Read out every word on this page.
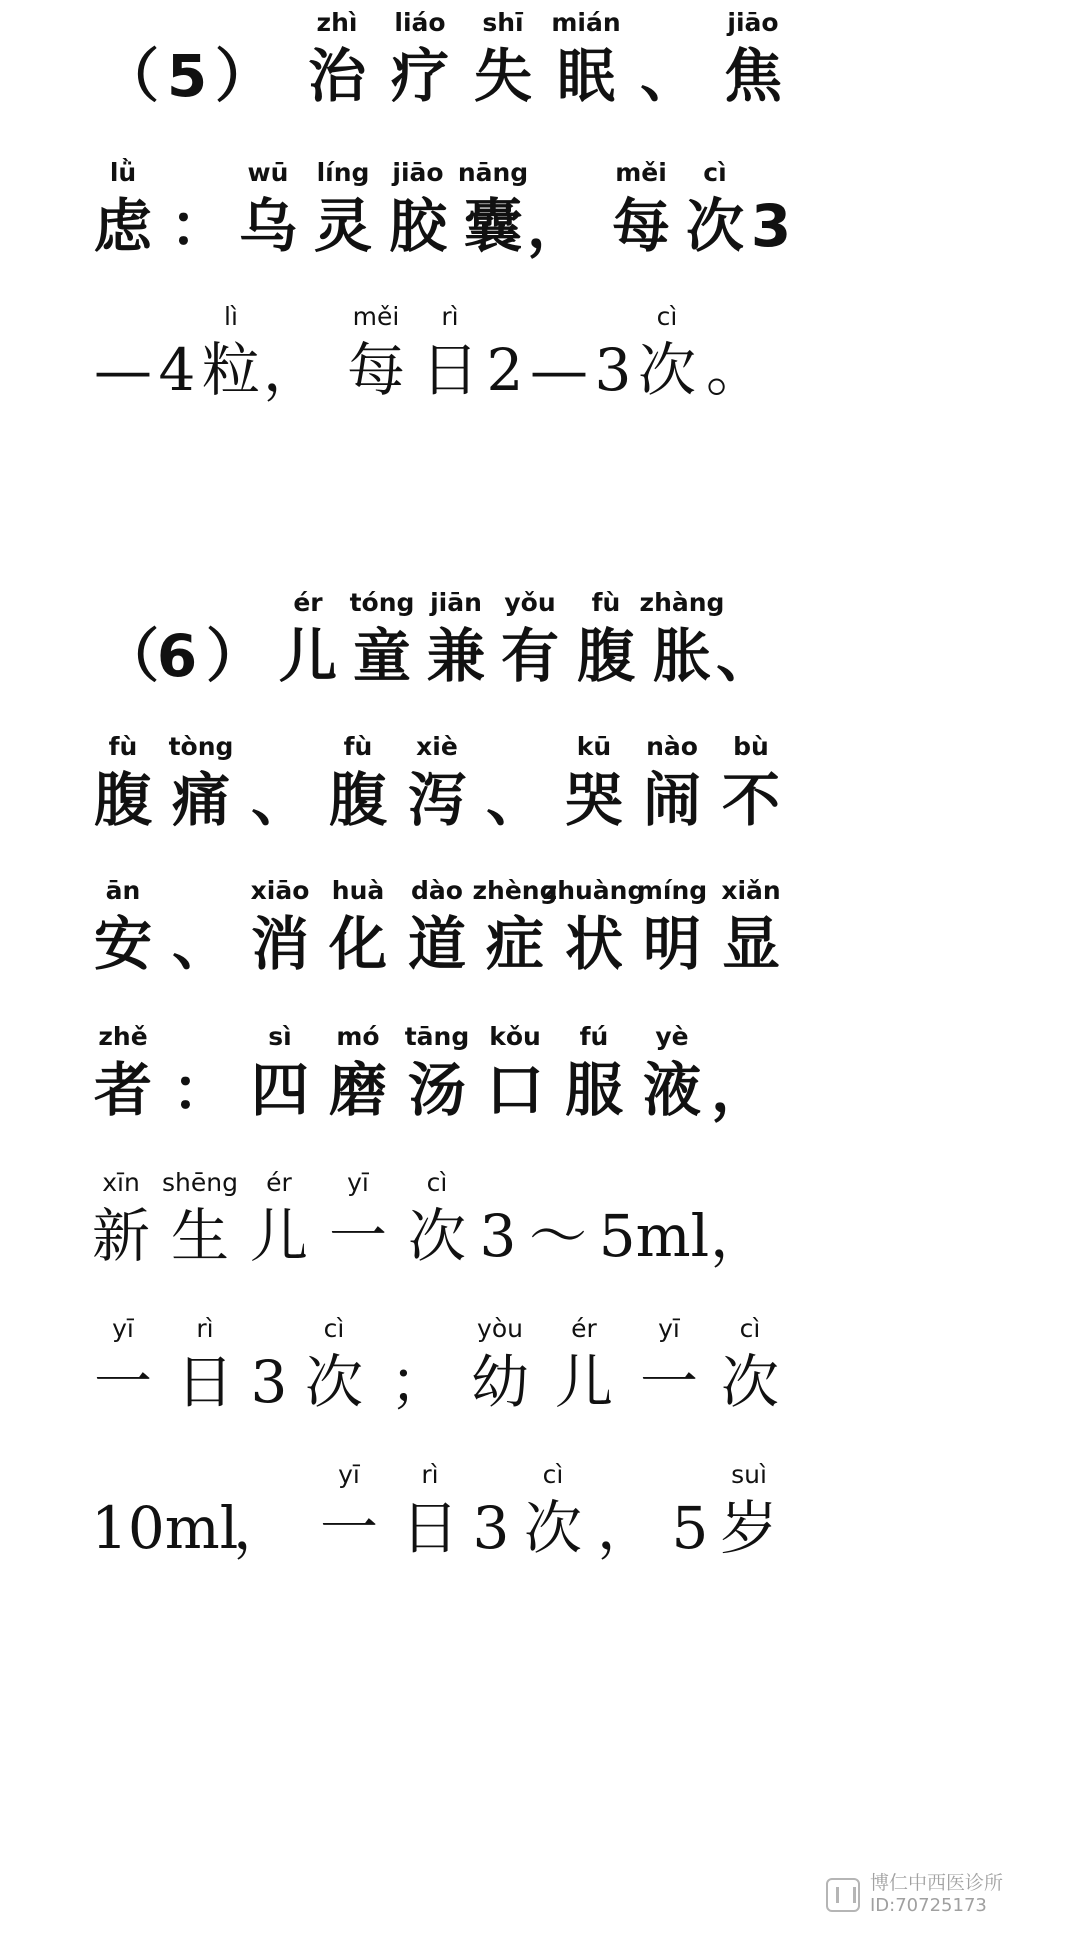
（ 5 ）
zhì
治
liáo
疗
shī
失
mián
眠 、
jiāo
焦
lǜ
虑 ：
wū
乌
líng
灵
jiāo
胶
nāng
囊 ，
měi
每
cì
次 3
— 4
lì
粒 ，
měi
每
rì
日 2 — 3
cì
次 。
（
6 ）
ér
儿
tóng
童
jiān
兼
yǒu
有
fù
腹
zhàng
胀 、
fù
腹
tòng
痛 、
fù
腹
xiè
泻 、
kū
哭
nào
闹
bù
不
ān
安 、
xiāo
消
huà
化
dào
道
zhèng
症
zhuàng
状
míng
明
xiǎn
显
zhě
者 ：
sì
四
mó
磨
tāng
汤
kǒu
口
fú
服
yè
液 ，
xīn
新
shēng
生
ér
儿
yī
一
cì
次 3 ～ 5ml ，
yī
一
rì
日 3
cì
次 ；
yòu
幼
ér
儿
yī
一
cì
次
10ml
，
yī
一
rì
日 3
cì
次 ， 5
suì
岁
博仁中西医诊所
ID:70725173
